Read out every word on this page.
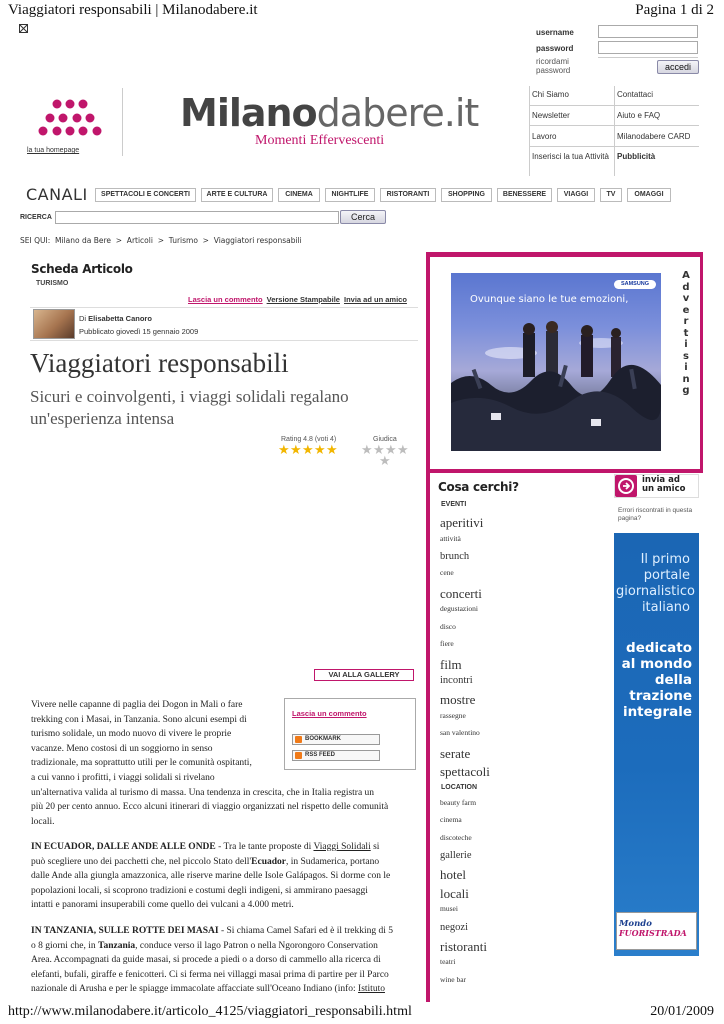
Viaggiatori responsabili | Milanodabere.it	Pagina 1 di 2
username
password
ricordami password	accedi
la tua homepage
Milanodabere.it
Momenti Effervescenti
Chi Siamo	Contattaci
Newsletter	Aiuto e FAQ
Lavoro	Milanodabere CARD
Inserisci la tua Attività	Pubblicità
CANALI	SPETTACOLI E CONCERTI	ARTE E CULTURA	CINEMA	NIGHTLIFE	RISTORANTI	SHOPPING	BENESSERE	VIAGGI	TV	OMAGGI
RICERCA	Cerca
SEI QUI:  Milano da Bere  >  Articoli  >  Turismo  >  Viaggiatori responsabili
Scheda Articolo
TURISMO
Lascia un commento Versione Stampabile Invia ad un amico
Di Elisabetta Canoro
Pubblicato giovedì 15 gennaio 2009
Viaggiatori responsabili
Sicuri e coinvolgenti, i viaggi solidali regalano un'esperienza intensa
Rating 4.8 (voti 4)
★ ★ ★ ★ ★
Giudica
★ ★ ★ ★
★
VAI ALLA GALLERY
Vivere nelle capanne di paglia dei Dogon in Mali o fare
trekking con i Masai, in Tanzania. Sono alcuni esempi di
turismo solidale, un modo nuovo di vivere le proprie
vacanze. Meno costosi di un soggiorno in senso
tradizionale, ma soprattutto utili per le comunità ospitanti,
a cui vanno i profitti, i viaggi solidali si rivelano
un'alternativa valida al turismo di massa. Una tendenza in crescita, che in Italia registra un
più 20 per cento annuo. Ecco alcuni itinerari di viaggio organizzati nel rispetto delle comunità
locali.
Lascia un commento
BOOKMARK
RSS FEED
IN ECUADOR, DALLE ANDE ALLE ONDE - Tra le tante proposte di Viaggi Solidali si
può scegliere uno dei pacchetti che, nel piccolo Stato dell'Ecuador, in Sudamerica, portano
dalle Ande alla giungla amazzonica, alle riserve marine delle Isole Galápagos. Si dorme con le
popolazioni locali, si scoprono tradizioni e costumi degli indigeni, si ammirano paesaggi
intatti e panorami insuperabili come quello dei vulcani a 4.000 metri.
IN TANZANIA, SULLE ROTTE DEI MASAI - Si chiama Camel Safari ed è il trekking di 5
o 8 giorni che, in Tanzania, conduce verso il lago Patron o nella Ngorongoro Conservation
Area. Accompagnati da guide masai, si procede a piedi o a dorso di cammello alla ricerca di
elefanti, bufali, giraffe e fenicotteri. Ci si ferma nei villaggi masai prima di partire per il Parco
nazionale di Arusha e per le spiagge immacolate affacciate sull'Oceano Indiano (info: Istituto
Ovunque siano le tue emozioni,
SAMSUNG
A
d
v
e
r
t
i
s
i
n
g
Cosa cerchi?
EVENTI
aperitivi
attività
brunch
cene
concerti
degustazioni
disco
fiere
film
incontri
mostre
rassegne
san valentino
serate
spettacoli
LOCATION
beauty farm
cinema
discoteche
gallerie
hotel
locali
musei
negozi
ristoranti
teatri
wine bar
invia ad
un amico
Errori riscontrati in questa pagina?
Il primo portale giornalistico italiano
dedicato al mondo della trazione integrale
Mondo
FUORISTRADA
http://www.milanodabere.it/articolo_4125/viaggiatori_responsabili.html	20/01/2009
